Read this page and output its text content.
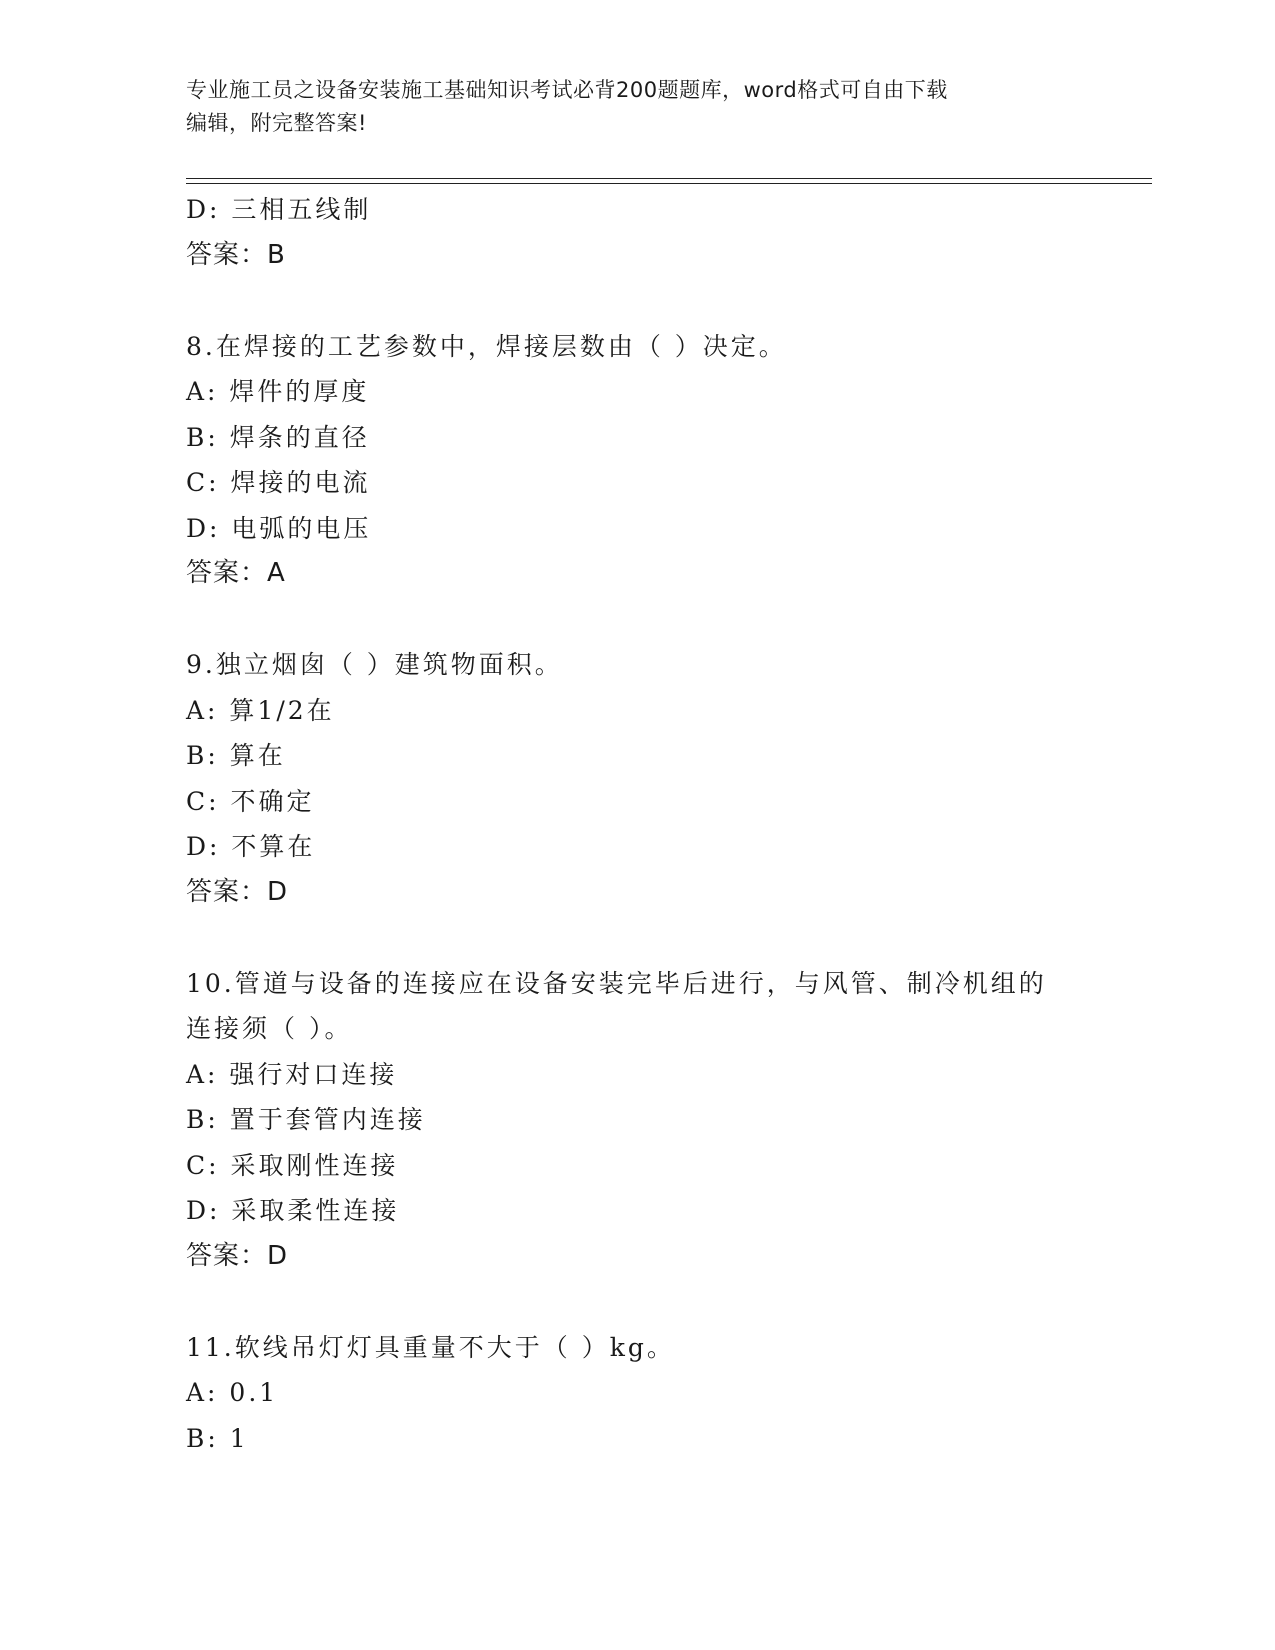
专业施工员之设备安装施工基础知识考试必背200题题库，word格式可自由下载
编辑，附完整答案!
D: 三相五线制
答案：B
8.在焊接的工艺参数中，焊接层数由（ ）决定。
A: 焊件的厚度
B: 焊条的直径
C: 焊接的电流
D: 电弧的电压
答案：A
9.独立烟囱（ ）建筑物面积。
A: 算1/2在
B: 算在
C: 不确定
D: 不算在
答案：D
10.管道与设备的连接应在设备安装完毕后进行，与风管、制冷机组的
连接须（ ）。
A: 强行对口连接
B: 置于套管内连接
C: 采取刚性连接
D: 采取柔性连接
答案：D
11.软线吊灯灯具重量不大于（ ）kg。
A: 0.1
B: 1
